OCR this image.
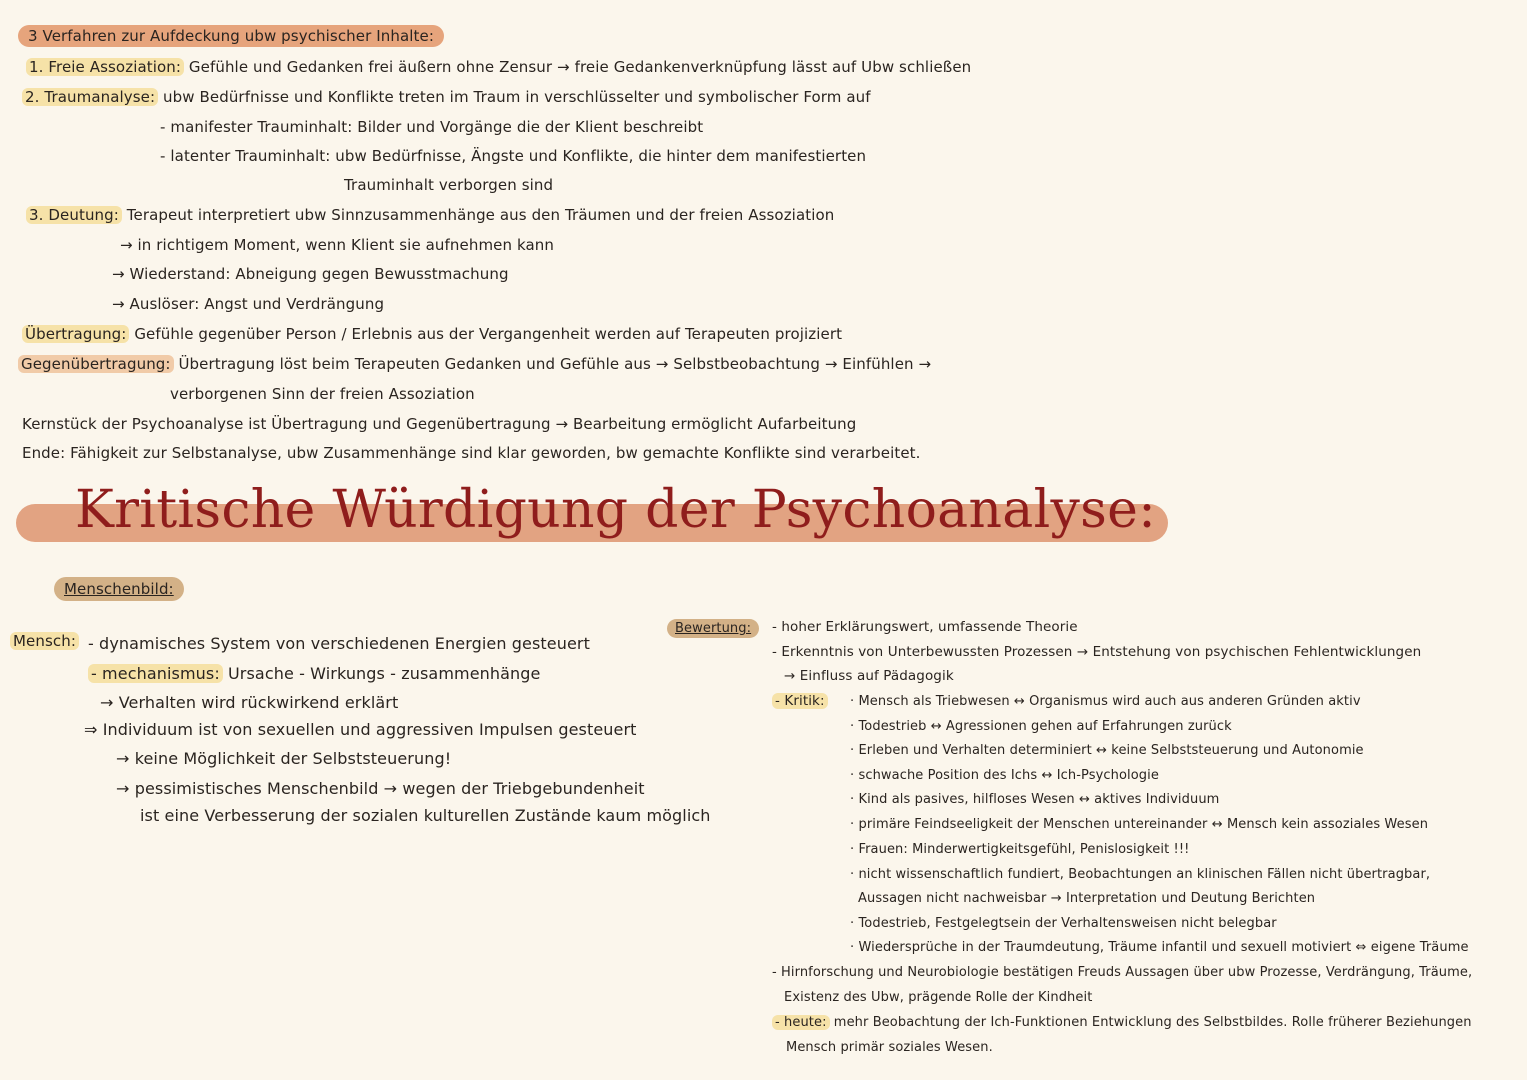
3 Verfahren zur Aufdeckung ubw psychischer Inhalte:
1. Freie Assoziation: Gefühle und Gedanken frei äußern ohne Zensur → freie Gedankenverknüpfung lässt auf Ubw schließen
2. Traumanalyse: ubw Bedürfnisse und Konflikte treten im Traum in verschlüsselter und symbolischer Form auf
- manifester Trauminhalt: Bilder und Vorgänge die der Klient beschreibt
- latenter Trauminhalt: ubw Bedürfnisse, Ängste und Konflikte, die hinter dem manifestierten
Trauminhalt verborgen sind
3. Deutung: Terapeut interpretiert ubw Sinnzusammenhänge aus den Träumen und der freien Assoziation
→ in richtigem Moment, wenn Klient sie aufnehmen kann
→ Wiederstand: Abneigung gegen Bewusstmachung
→ Auslöser: Angst und Verdrängung
Übertragung: Gefühle gegenüber Person / Erlebnis aus der Vergangenheit werden auf Terapeuten projiziert
Gegenübertragung: Übertragung löst beim Terapeuten Gedanken und Gefühle aus → Selbstbeobachtung → Einfühlen →
verborgenen Sinn der freien Assoziation
Kernstück der Psychoanalyse ist Übertragung und Gegenübertragung → Bearbeitung ermöglicht Aufarbeitung
Ende: Fähigkeit zur Selbstanalyse, ubw Zusammenhänge sind klar geworden, bw gemachte Konflikte sind verarbeitet.
Kritische Würdigung der Psychoanalyse:
Menschenbild:
Mensch: - dynamisches System von verschiedenen Energien gesteuert
- mechanismus: Ursache - Wirkungs - zusammenhänge
→ Verhalten wird rückwirkend erklärt
⇒ Individuum ist von sexuellen und aggressiven Impulsen gesteuert
→ keine Möglichkeit der Selbststeuerung!
→ pessimistisches Menschenbild → wegen der Triebgebundenheit
ist eine Verbesserung der sozialen kulturellen Zustände kaum möglich
Bewertung:	- hoher Erklärungswert, umfassende Theorie
- Erkenntnis von Unterbewussten Prozessen → Entstehung von psychischen Fehlentwicklungen
→ Einfluss auf Pädagogik
- Kritik: · Mensch als Triebwesen ↔ Organismus wird auch aus anderen Gründen aktiv
· Todestrieb ↔ Agressionen gehen auf Erfahrungen zurück
· Erleben und Verhalten determiniert ↔ keine Selbststeuerung und Autonomie
· schwache Position des Ichs ↔ Ich-Psychologie
· Kind als pasives, hilfloses Wesen ↔ aktives Individuum
· primäre Feindseeligkeit der Menschen untereinander ↔ Mensch kein assoziales Wesen
· Frauen: Minderwertigkeitsgefühl, Penislosigkeit !!!
· nicht wissenschaftlich fundiert, Beobachtungen an klinischen Fällen nicht übertragbar,
Aussagen nicht nachweisbar → Interpretation und Deutung Berichten
· Todestrieb, Festgelegtsein der Verhaltensweisen nicht belegbar
· Wiedersprüche in der Traumdeutung, Träume infantil und sexuell motiviert ⇔ eigene Träume
- Hirnforschung und Neurobiologie bestätigen Freuds Aussagen über ubw Prozesse, Verdrängung, Träume,
Existenz des Ubw, prägende Rolle der Kindheit
- heute: mehr Beobachtung der Ich-Funktionen Entwicklung des Selbstbildes. Rolle früherer Beziehungen
Mensch primär soziales Wesen.
